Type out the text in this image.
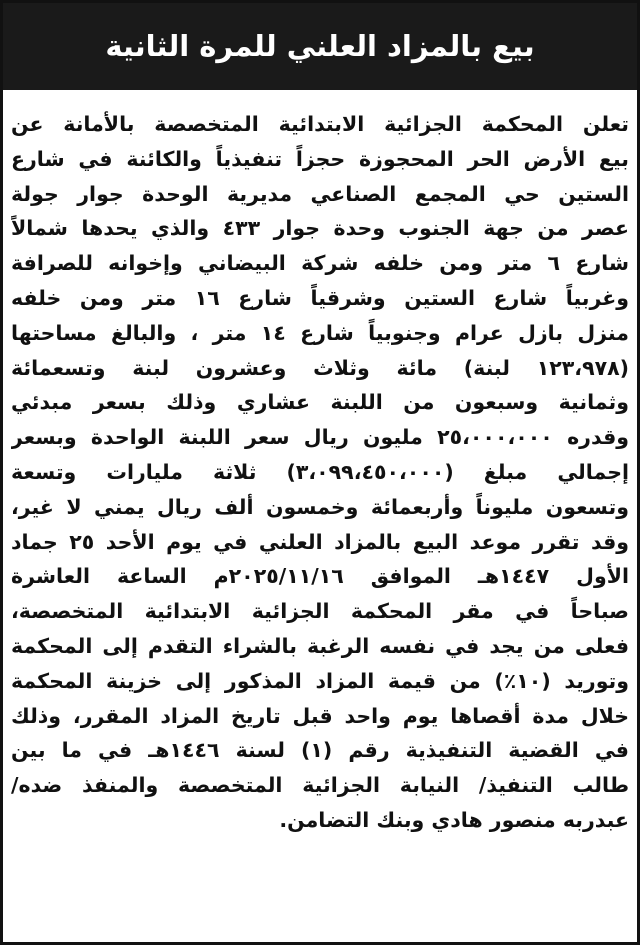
بيع بالمزاد العلني للمرة الثانية
تعلن المحكمة الجزائية الابتدائية المتخصصة بالأمانة عن
بيع الأرض الحر المحجوزة حجزاً تنفيذياً والكائنة في شارع
الستين حي المجمع الصناعي مديرية الوحدة جوار جولة
عصر من جهة الجنوب وحدة جوار ٤٣٣ والذي يحدها شمالاً
شارع ٦ متر ومن خلفه شركة البيضاني وإخوانه للصرافة
وغربياً شارع الستين وشرقياً شارع ١٦ متر ومن خلفه
منزل بازل عرام وجنوبياً شارع ١٤ متر ، والبالغ مساحتها
(١٢٣،٩٧٨ لبنة) مائة وثلاث وعشرون لبنة وتسعمائة
وثمانية وسبعون من اللبنة عشاري وذلك بسعر مبدئي
وقدره ٢٥،٠٠٠،٠٠٠ مليون ريال سعر اللبنة الواحدة وبسعر
إجمالي مبلغ (٣،٠٩٩،٤٥٠،٠٠٠) ثلاثة مليارات وتسعة
وتسعون مليوناً وأربعمائة وخمسون ألف ريال يمني لا غير،
وقد تقرر موعد البيع بالمزاد العلني في يوم الأحد ٢٥ جماد
الأول ١٤٤٧هـ الموافق ٢٠٢٥/١١/١٦م الساعة العاشرة
صباحاً في مقر المحكمة الجزائية الابتدائية المتخصصة،
فعلى من يجد في نفسه الرغبة بالشراء التقدم إلى المحكمة
وتوريد (١٠٪) من قيمة المزاد المذكور إلى خزينة المحكمة
خلال مدة أقصاها يوم واحد قبل تاريخ المزاد المقرر، وذلك
في القضية التنفيذية رقم (١) لسنة ١٤٤٦هـ في ما بين
طالب التنفيذ/ النيابة الجزائية المتخصصة والمنفذ ضده/
عبدربه منصور هادي وبنك التضامن.
